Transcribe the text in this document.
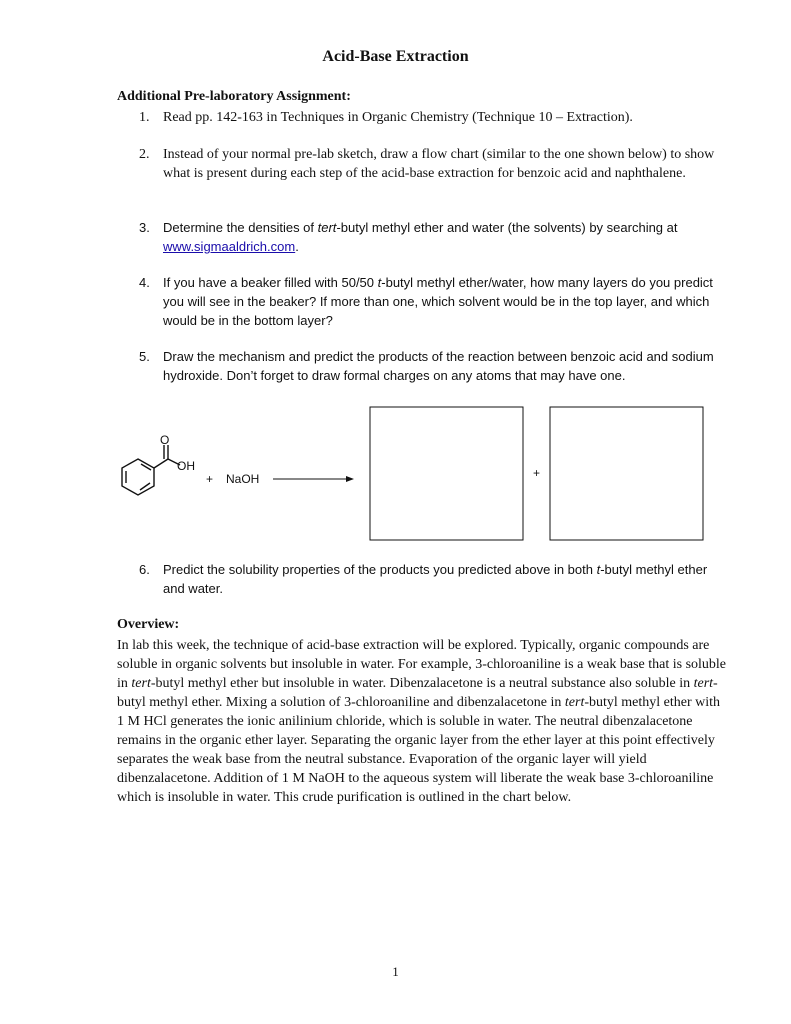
Acid-Base Extraction
Additional Pre-laboratory Assignment:
1. Read pp. 142-163 in Techniques in Organic Chemistry (Technique 10 – Extraction).
2. Instead of your normal pre-lab sketch, draw a flow chart (similar to the one shown below) to show what is present during each step of the acid-base extraction for benzoic acid and naphthalene.
3. Determine the densities of tert-butyl methyl ether and water (the solvents) by searching at www.sigmaaldrich.com.
4. If you have a beaker filled with 50/50 t-butyl methyl ether/water, how many layers do you predict you will see in the beaker? If more than one, which solvent would be in the top layer, and which would be in the bottom layer?
5. Draw the mechanism and predict the products of the reaction between benzoic acid and sodium hydroxide. Don’t forget to draw formal charges on any atoms that may have one.
O
OH
+ NaOH	+
6. Predict the solubility properties of the products you predicted above in both t-butyl methyl ether and water.
Overview:
In lab this week, the technique of acid-base extraction will be explored. Typically, organic compounds are soluble in organic solvents but insoluble in water. For example, 3-chloroaniline is a weak base that is soluble in tert-butyl methyl ether but insoluble in water. Dibenzalacetone is a neutral substance also soluble in tert-butyl methyl ether. Mixing a solution of 3-chloroaniline and dibenzalacetone in tert-butyl methyl ether with 1 M HCl generates the ionic anilinium chloride, which is soluble in water. The neutral dibenzalacetone remains in the organic ether layer. Separating the organic layer from the ether layer at this point effectively separates the weak base from the neutral substance. Evaporation of the organic layer will yield dibenzalacetone. Addition of 1 M NaOH to the aqueous system will liberate the weak base 3-chloroaniline which is insoluble in water. This crude purification is outlined in the chart below.
1
